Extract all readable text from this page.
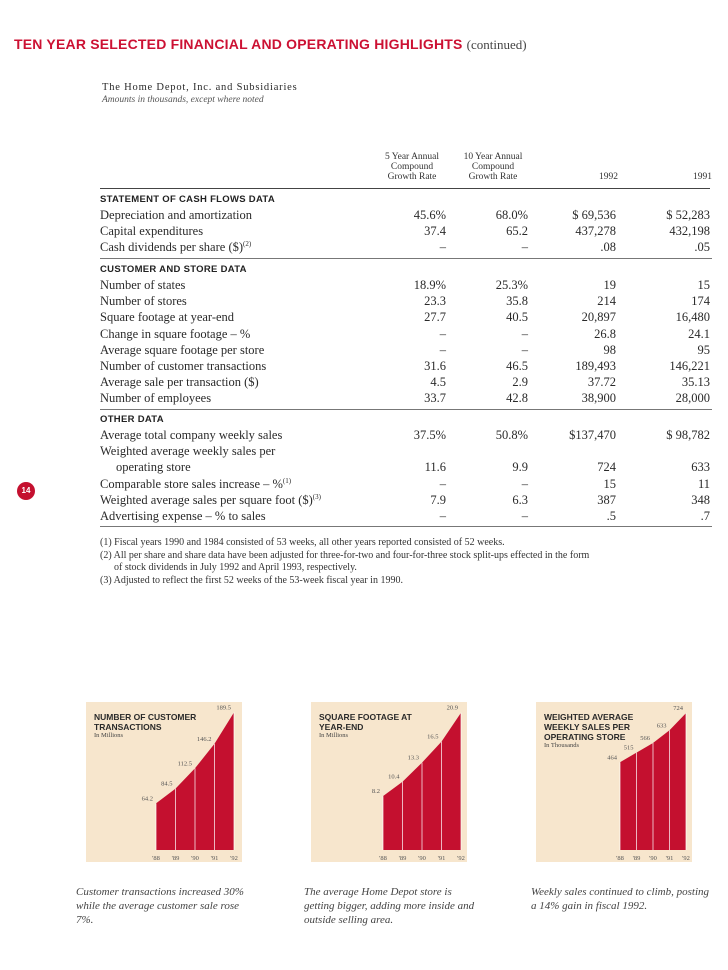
TEN YEAR SELECTED FINANCIAL AND OPERATING HIGHLIGHTS (continued)
The Home Depot, Inc. and Subsidiaries
Amounts in thousands, except where noted
5 Year Annual
Compound
Growth Rate
10 Year Annual
Compound
Growth Rate	1992	1991
STATEMENT OF CASH FLOWS DATA
Depreciation and amortization	45.6%	68.0%	$ 69,536	$ 52,283
Capital expenditures	37.4	65.2	437,278	432,198
Cash dividends per share ($)$^{(2)}$	–	–	.08	.05
CUSTOMER AND STORE DATA
Number of states	18.9%	25.3%	19	15
Number of stores	23.3	35.8	214	174
Square footage at year-end	27.7	40.5	20,897	16,480
Change in square footage – %	–	–	26.8	24.1
Average square footage per store	–	–	98	95
Number of customer transactions	31.6	46.5	189,493	146,221
Average sale per transaction ($)	4.5	2.9	37.72	35.13
Number of employees	33.7	42.8	38,900	28,000
OTHER DATA
Average total company weekly sales	37.5%	50.8%	$137,470	$ 98,782
Weighted average weekly sales per
operating store	11.6	9.9	724	633
Comparable store sales increase – %$^{(1)}$	–	–	15	11
Weighted average sales per square foot ($)$^{(3)}$	7.9	6.3	387	348
Advertising expense – % to sales	–	–	.5	.7
14

(1) Fiscal years 1990 and 1984 consisted of 53 weeks, all other years reported consisted of 52 weeks.

(2) All per share and share data have been adjusted for three-for-two and four-for-three stock split-ups effected in the form

of stock dividends in July 1992 and April 1993, respectively.

(3) Adjusted to reflect the first 52 weeks of the 53-week fiscal year in 1990.

64.2
'88
84.5
'89
112.5
'90
146.2
'91
189.5
'92
NUMBER OF CUSTOMER TRANSACTIONS
In Millions
8.2
'88
10.4
'89
13.3
'90
16.5
'91
20.9
'92
SQUARE FOOTAGE AT YEAR-END
In Millions
464
'88
515
'89
566
'90
633
'91
724
'92
WEIGHTED AVERAGE WEEKLY SALES PER OPERATING STORE
In Thousands
Customer transactions increased 30% while the average customer sale rose 7%.
The average Home Depot store is getting bigger, adding more inside and outside selling area.
Weekly sales continued to climb, posting a 14% gain in fiscal 1992.
